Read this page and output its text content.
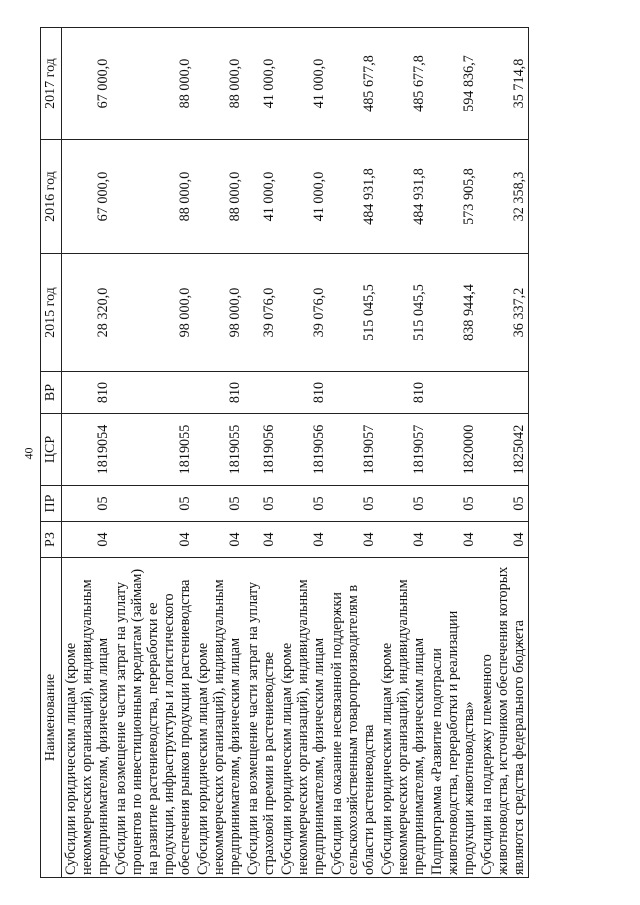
40
Наименование	РЗ	ПР	ЦСР	ВР	2015 год	2016 год	2017 год
Субсидии юридическим лицам (кроме некоммерческих организаций), индивидуальным предпринимателям, физическим лицам	04	05	1819054	810	28 320,0	67 000,0	67 000,0
Субсидии на возмещение части затрат на уплату процентов по инвестиционным кредитам (займам) на развитие растениеводства, переработки ее продукции, инфраструктуры и логистического обеспечения рынков продукции растениеводства	04	05	1819055		98 000,0	88 000,0	88 000,0
Субсидии юридическим лицам (кроме некоммерческих организаций), индивидуальным предпринимателям, физическим лицам	04	05	1819055	810	98 000,0	88 000,0	88 000,0
Субсидии на возмещение части затрат на уплату страховой премии в растениеводстве	04	05	1819056		39 076,0	41 000,0	41 000,0
Субсидии юридическим лицам (кроме некоммерческих организаций), индивидуальным предпринимателям, физическим лицам	04	05	1819056	810	39 076,0	41 000,0	41 000,0
Субсидии на оказание несвязанной поддержки сельскохозяйственным товаропроизводителям в области растениеводства	04	05	1819057		515 045,5	484 931,8	485 677,8
Субсидии юридическим лицам (кроме некоммерческих организаций), индивидуальным предпринимателям, физическим лицам	04	05	1819057	810	515 045,5	484 931,8	485 677,8
Подпрограмма «Развитие подотрасли животноводства, переработки и реализации продукции животноводства»	04	05	1820000		838 944,4	573 905,8	594 836,7
Субсидии на поддержку племенного животноводства, источником обеспечения которых являются средства федерального бюджета	04	05	1825042		36 337,2	32 358,3	35 714,8
